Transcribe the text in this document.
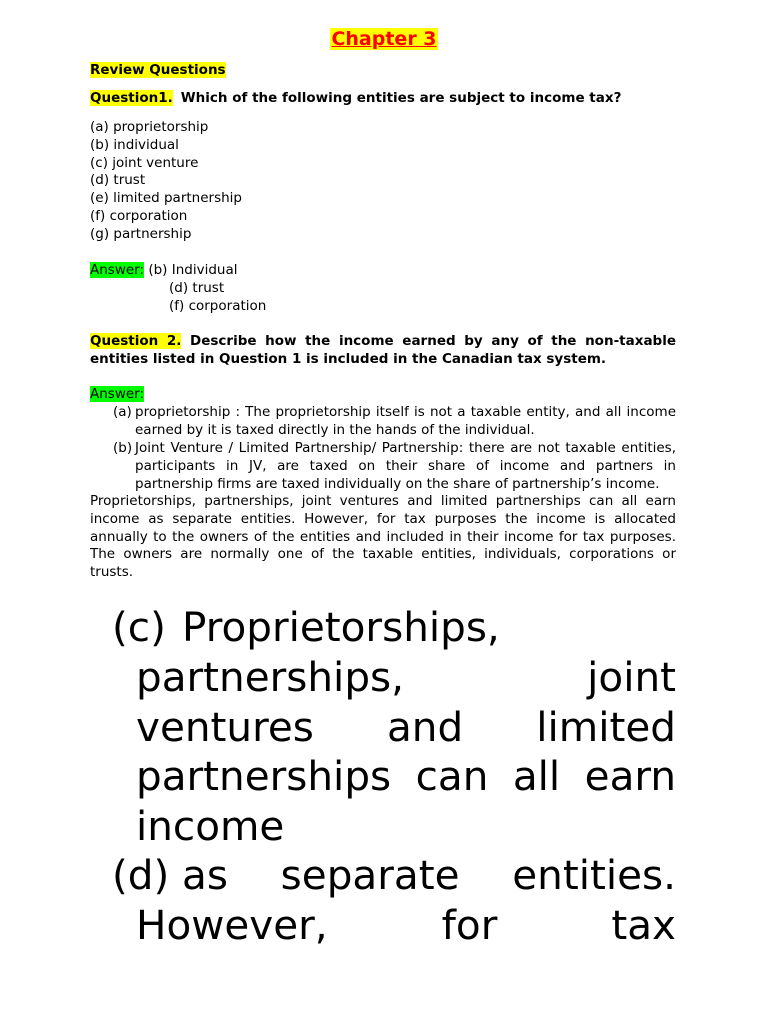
Chapter 3
Review Questions
Question1. Which of the following entities are subject to income tax?
(a) proprietorship
(b) individual
(c) joint venture
(d) trust
(e) limited partnership
(f) corporation
(g) partnership
Answer: (b) Individual
(d) trust
(f) corporation
Question 2. Describe how the income earned by any of the non-taxable entities listed in Question 1 is included in the Canadian tax system.
Answer:
(a) proprietorship : The proprietorship itself is not a taxable entity, and all income earned by it is taxed directly in the hands of the individual.
(b) Joint Venture / Limited Partnership/ Partnership: there are not taxable entities, participants in JV, are taxed on their share of income and partners in partnership firms are taxed individually on the share of partnership’s income.
Proprietorships, partnerships, joint ventures and limited partnerships can all earn income as separate entities. However, for tax purposes the income is allocated annually to the owners of the entities and included in their income for tax purposes. The owners are normally one of the taxable entities, individuals, corporations or trusts.
(c) Proprietorships,
partnerships, joint
ventures and limited
partnerships can all earn
income
(d) as separate entities.
However, for tax
